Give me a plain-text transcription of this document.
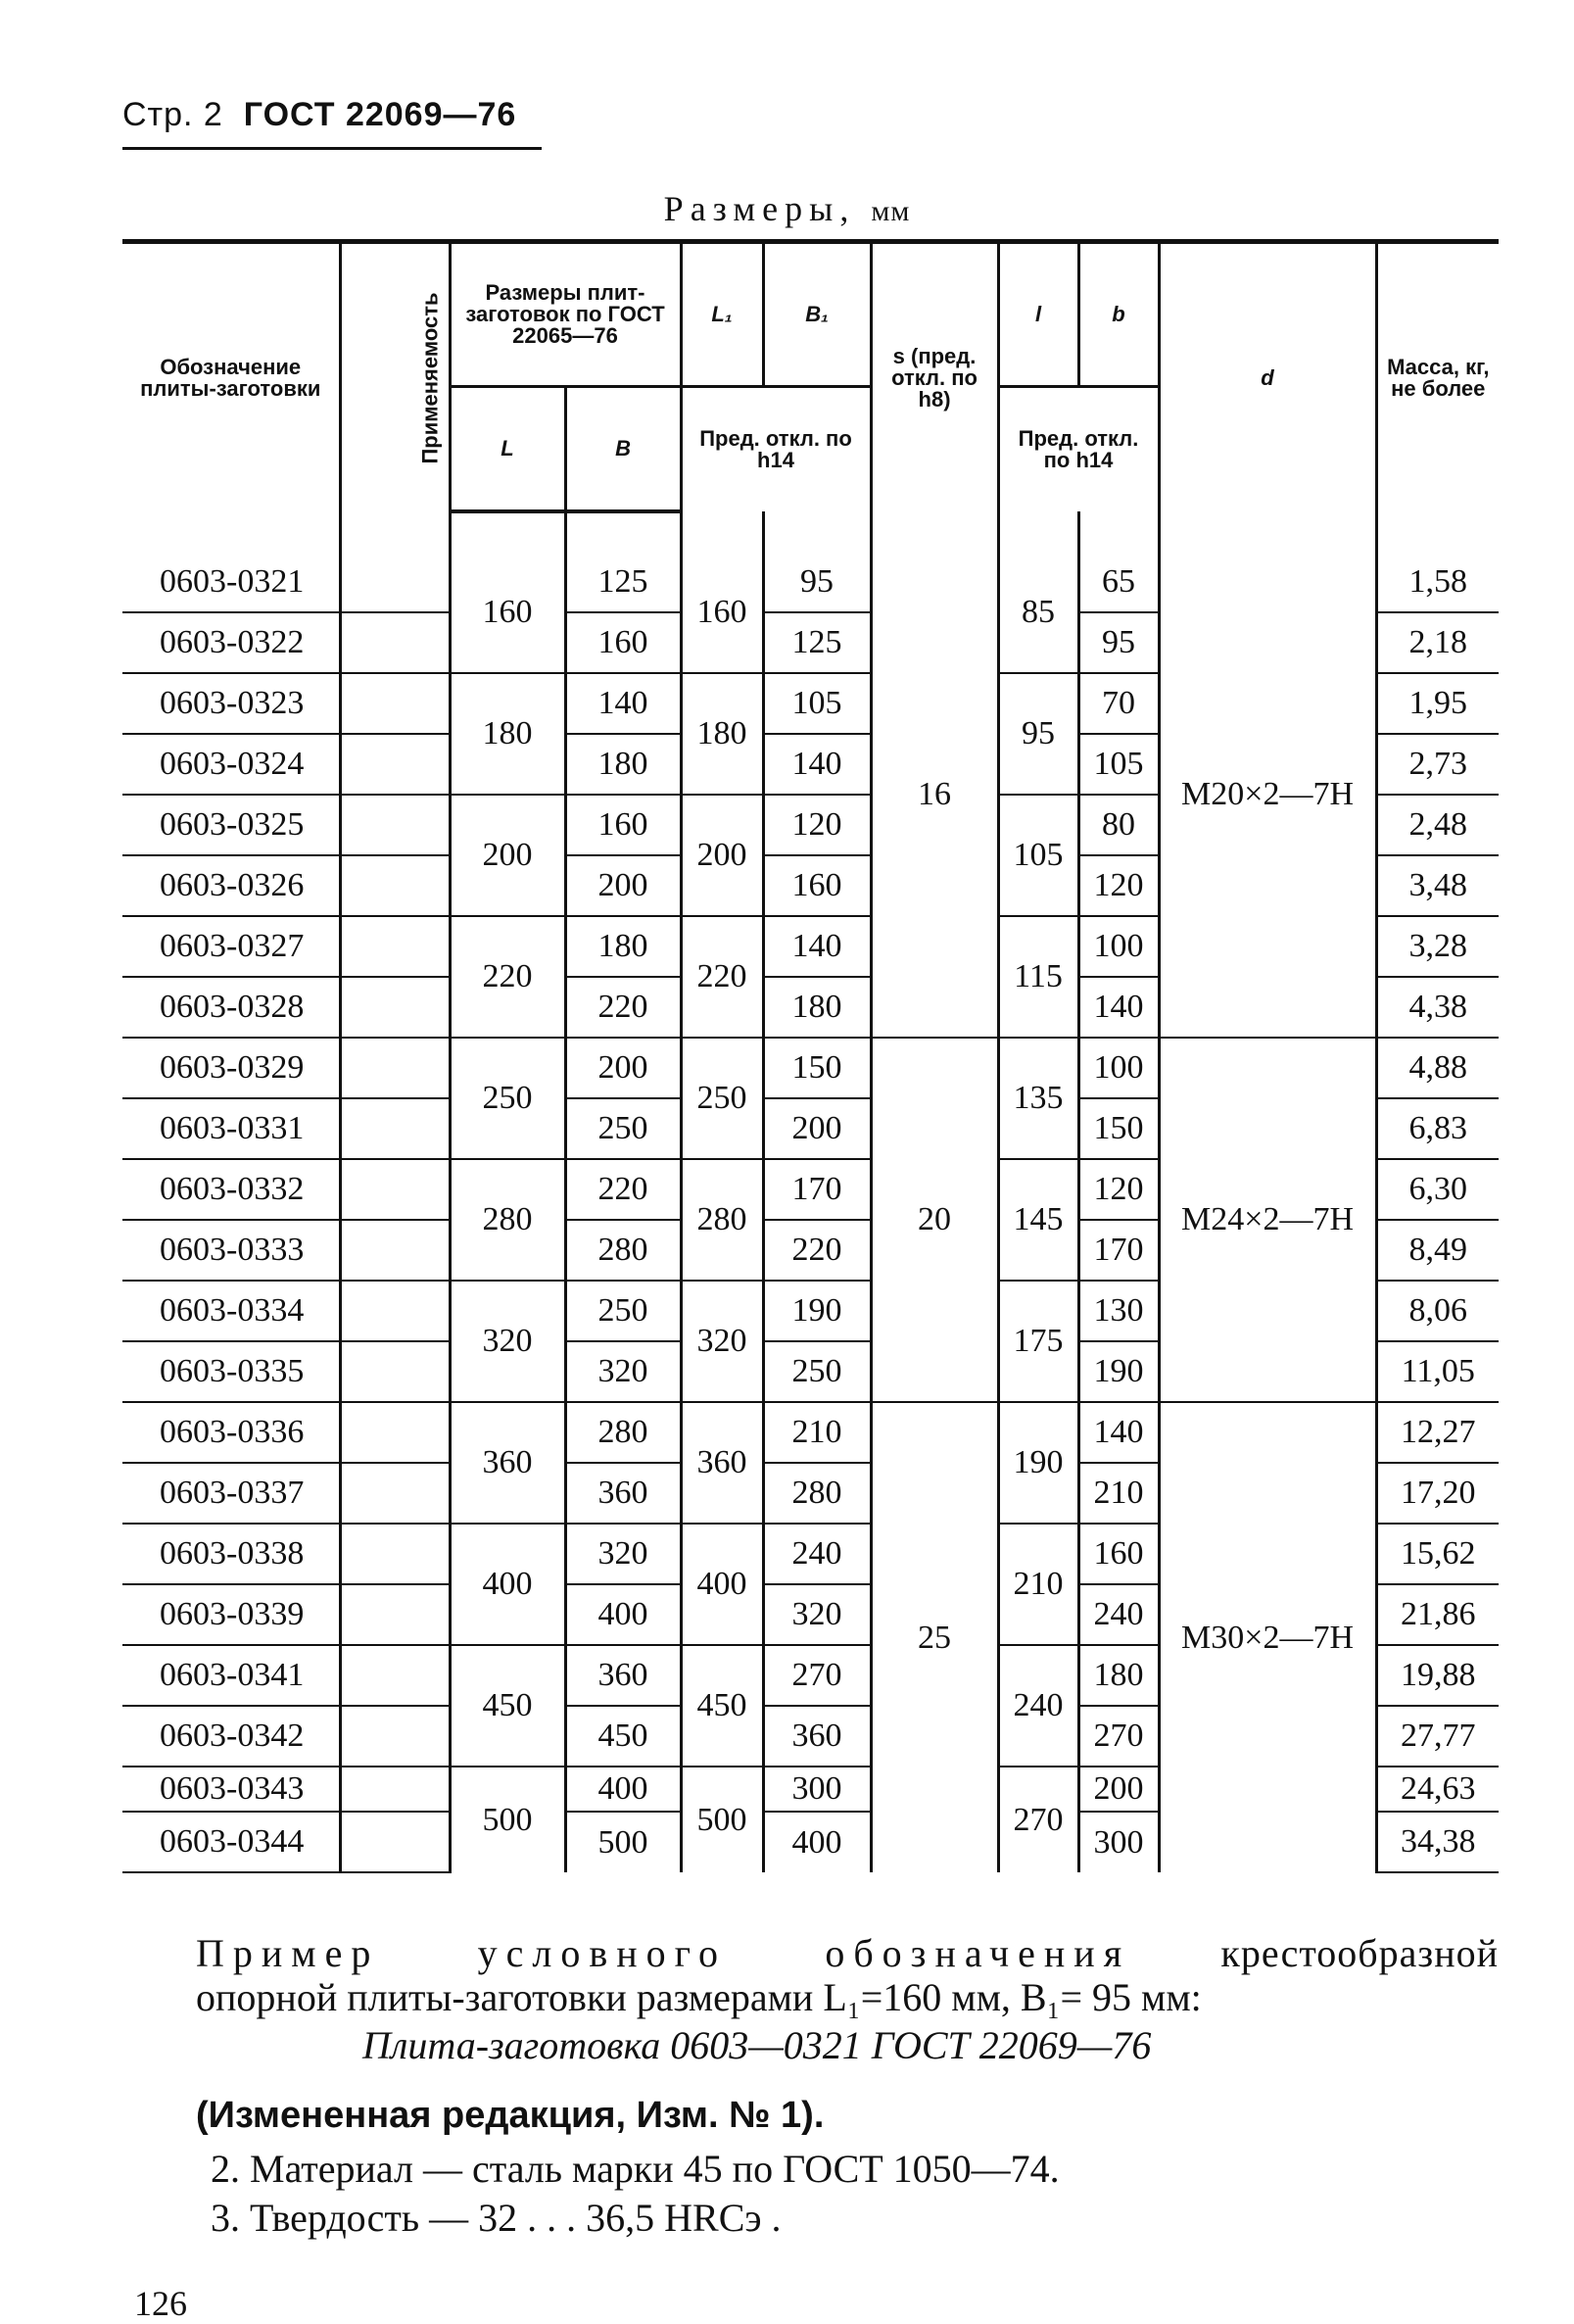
Стр. 2 ГОСТ 22069—76
Размеры, мм
Обозначение плиты-заготовки	Применяемость	Размеры плит-заготовок по ГОСТ 22065—76		L₁	B₁	s (пред. откл. по h8)	l	b	d	Масса, кг, не более
				Пред. откл. по h14			Пред. откл. по h14			
		L	B							

0603-0321		160	125	160	95	16	85	65	M20×2—7H	1,58
0603-0322			160		125			95		2,18
0603-0323		180	140	180	105		95	70		1,95
0603-0324			180		140			105		2,73
0603-0325		200	160	200	120		105	80		2,48
0603-0326			200		160			120		3,48
0603-0327		220	180	220	140		115	100		3,28
0603-0328			220		180			140		4,38
0603-0329		250	200	250	150	20	135	100	M24×2—7H	4,88
0603-0331			250		200			150		6,83
0603-0332		280	220	280	170		145	120		6,30
0603-0333			280		220			170		8,49
0603-0334		320	250	320	190		175	130		8,06
0603-0335			320		250			190		11,05
0603-0336		360	280	360	210	25	190	140	M30×2—7H	12,27
0603-0337			360		280			210		17,20
0603-0338		400	320	400	240		210	160		15,62
0603-0339			400		320			240		21,86
0603-0341		450	360	450	270		240	180		19,88
0603-0342			450		360			270		27,77
0603-0343		500	400	500	300		270	200		24,63
0603-0344			500		400			300		34,38
Пример условного обозначения крестообразной
опорной плиты-заготовки размерами L₁=160 мм, B₁= 95 мм:
Плита-заготовка 0603—0321 ГОСТ 22069—76
(Измененная редакция, Изм. № 1).
2. Материал — сталь марки 45 по ГОСТ 1050—74.
3. Твердость — 32 . . . 36,5 HRCэ .
126
